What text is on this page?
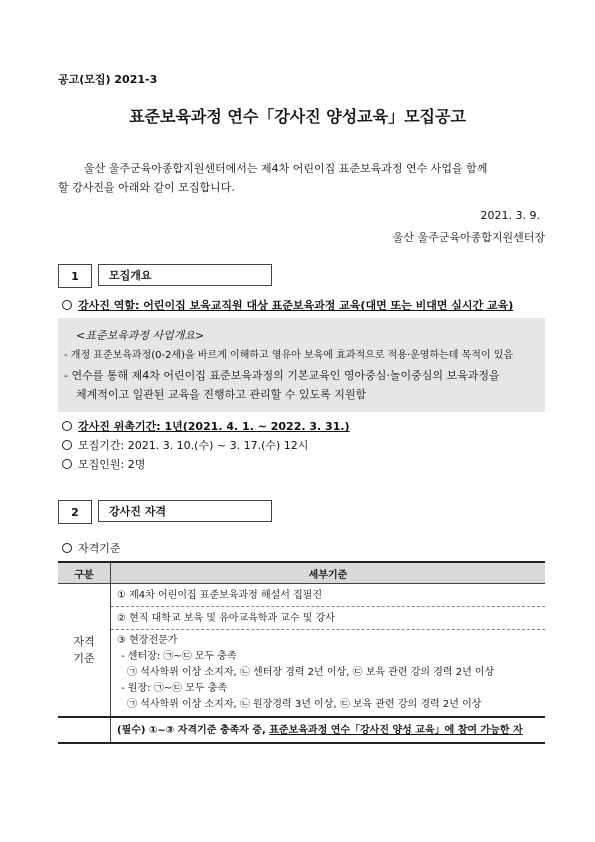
공고(모집) 2021-3
표준보육과정 연수「강사진 양성교육」모집공고
울산 울주군육아종합지원센터에서는 제4차 어린이집 표준보육과정 연수 사업을 함께
할 강사진을 아래와 같이 모집합니다.
2021. 3. 9.
울산 울주군육아종합지원센터장
1	모집개요
강사진 역할: 어린이집 보육교직원 대상 표준보육과정 교육(대면 또는 비대면 실시간 교육)
<표준보육과정 사업개요>
- 개정 표준보육과정(0-2세)을 바르게 이해하고 영유아 보육에 효과적으로 적용·운영하는데 목적이 있음
- 연수를 통해 제4차 어린이집 표준보육과정의 기본교육인 영아중심·놀이중심의 보육과정을
체계적이고 일관된 교육을 진행하고 관리할 수 있도록 지원함
강사진 위촉기간: 1년(2021. 4. 1. ~ 2022. 3. 31.)
모집기간: 2021. 3. 10.(수) ~ 3. 17.(수) 12시
모집인원: 2명
2	강사진 자격
자격기준
구분	세부기준

자격
기준	① 제4차 어린이집 표준보육과정 해설서 집필진
	② 현직 대학교 보육 및 유아교육학과 교수 및 강사

	③ 현장전문가
- 센터장: ㉠~㉢ 모두 충족
㉠ 석사학위 이상 소지자, ㉡ 센터장 경력 2년 이상, ㉢ 보육 관련 강의 경력 2년 이상
- 원장: ㉠~㉢ 모두 충족
㉠ 석사학위 이상 소지자, ㉡ 원장경력 3년 이상, ㉢ 보육 관련 강의 경력 2년 이상

	(필수) ①~③ 자격기준 충족자 중, 표준보육과정 연수「강사진 양성 교육」에 참여 가능한 자
